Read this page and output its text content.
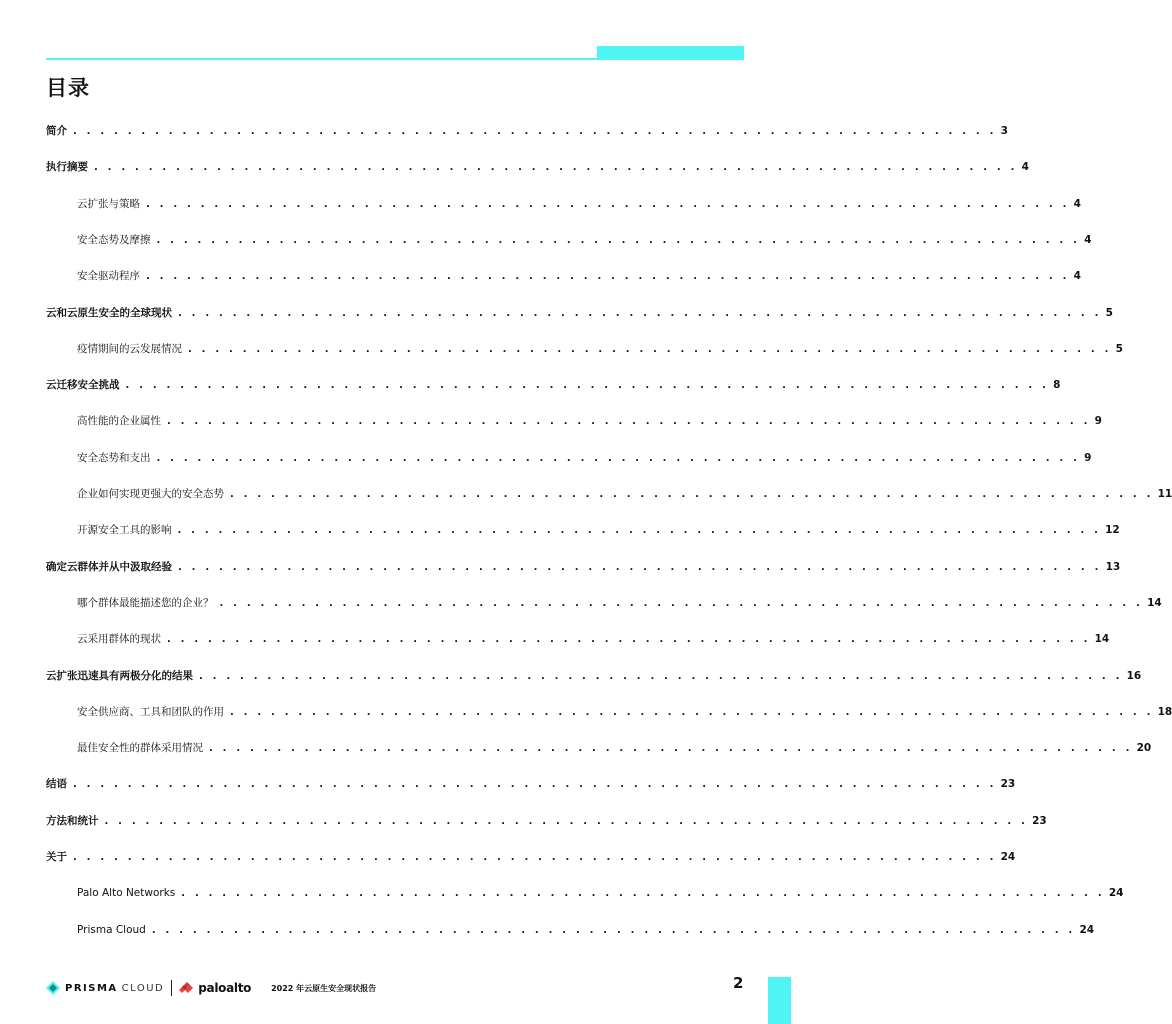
目录
简介 . . . . . . . . . . . . . . . . . . . . . . . . . . . . . . . . . . . . . . . . . . . . . . . . . . . . . . . . . . . . . . . . . . . . 3
执行摘要 . . . . . . . . . . . . . . . . . . . . . . . . . . . . . . . . . . . . . . . . . . . . . . . . . . . . . . . . . . . . . . . . . . . . 4
云扩张与策略 . . . . . . . . . . . . . . . . . . . . . . . . . . . . . . . . . . . . . . . . . . . . . . . . . . . . . . . . . . . . . . . . . . . . 4
安全态势及摩擦 . . . . . . . . . . . . . . . . . . . . . . . . . . . . . . . . . . . . . . . . . . . . . . . . . . . . . . . . . . . . . . . . . . . . 4
安全驱动程序 . . . . . . . . . . . . . . . . . . . . . . . . . . . . . . . . . . . . . . . . . . . . . . . . . . . . . . . . . . . . . . . . . . . . 4
云和云原生安全的全球现状 . . . . . . . . . . . . . . . . . . . . . . . . . . . . . . . . . . . . . . . . . . . . . . . . . . . . . . . . . . . . . . . . . . . . 5
疫情期间的云发展情况 . . . . . . . . . . . . . . . . . . . . . . . . . . . . . . . . . . . . . . . . . . . . . . . . . . . . . . . . . . . . . . . . . . . . 5
云迁移安全挑战 . . . . . . . . . . . . . . . . . . . . . . . . . . . . . . . . . . . . . . . . . . . . . . . . . . . . . . . . . . . . . . . . . . . . 8
高性能的企业属性 . . . . . . . . . . . . . . . . . . . . . . . . . . . . . . . . . . . . . . . . . . . . . . . . . . . . . . . . . . . . . . . . . . . . 9
安全态势和支出 . . . . . . . . . . . . . . . . . . . . . . . . . . . . . . . . . . . . . . . . . . . . . . . . . . . . . . . . . . . . . . . . . . . . 9
企业如何实现更强大的安全态势 . . . . . . . . . . . . . . . . . . . . . . . . . . . . . . . . . . . . . . . . . . . . . . . . . . . . . . . . . . . . . . . . . . . . 11
开源安全工具的影响 . . . . . . . . . . . . . . . . . . . . . . . . . . . . . . . . . . . . . . . . . . . . . . . . . . . . . . . . . . . . . . . . . . . . 12
确定云群体并从中汲取经验 . . . . . . . . . . . . . . . . . . . . . . . . . . . . . . . . . . . . . . . . . . . . . . . . . . . . . . . . . . . . . . . . . . . . 13
哪个群体最能描述您的企业？ . . . . . . . . . . . . . . . . . . . . . . . . . . . . . . . . . . . . . . . . . . . . . . . . . . . . . . . . . . . . . . . . . . . . 14
云采用群体的现状 . . . . . . . . . . . . . . . . . . . . . . . . . . . . . . . . . . . . . . . . . . . . . . . . . . . . . . . . . . . . . . . . . . . . 14
云扩张迅速具有两极分化的结果 . . . . . . . . . . . . . . . . . . . . . . . . . . . . . . . . . . . . . . . . . . . . . . . . . . . . . . . . . . . . . . . . . . . . 16
安全供应商、工具和团队的作用 . . . . . . . . . . . . . . . . . . . . . . . . . . . . . . . . . . . . . . . . . . . . . . . . . . . . . . . . . . . . . . . . . . . . 18
最佳安全性的群体采用情况 . . . . . . . . . . . . . . . . . . . . . . . . . . . . . . . . . . . . . . . . . . . . . . . . . . . . . . . . . . . . . . . . . . . . 20
结语 . . . . . . . . . . . . . . . . . . . . . . . . . . . . . . . . . . . . . . . . . . . . . . . . . . . . . . . . . . . . . . . . . . . . 23
方法和统计 . . . . . . . . . . . . . . . . . . . . . . . . . . . . . . . . . . . . . . . . . . . . . . . . . . . . . . . . . . . . . . . . . . . . 23
关于 . . . . . . . . . . . . . . . . . . . . . . . . . . . . . . . . . . . . . . . . . . . . . . . . . . . . . . . . . . . . . . . . . . . . 24
Palo Alto Networks . . . . . . . . . . . . . . . . . . . . . . . . . . . . . . . . . . . . . . . . . . . . . . . . . . . . . . . . . . . . . . . . . . . . 24
Prisma Cloud . . . . . . . . . . . . . . . . . . . . . . . . . . . . . . . . . . . . . . . . . . . . . . . . . . . . . . . . . . . . . . . . . . . . 24
PRISMA CLOUD	paloalto	2022 年云原生安全现状报告	2
